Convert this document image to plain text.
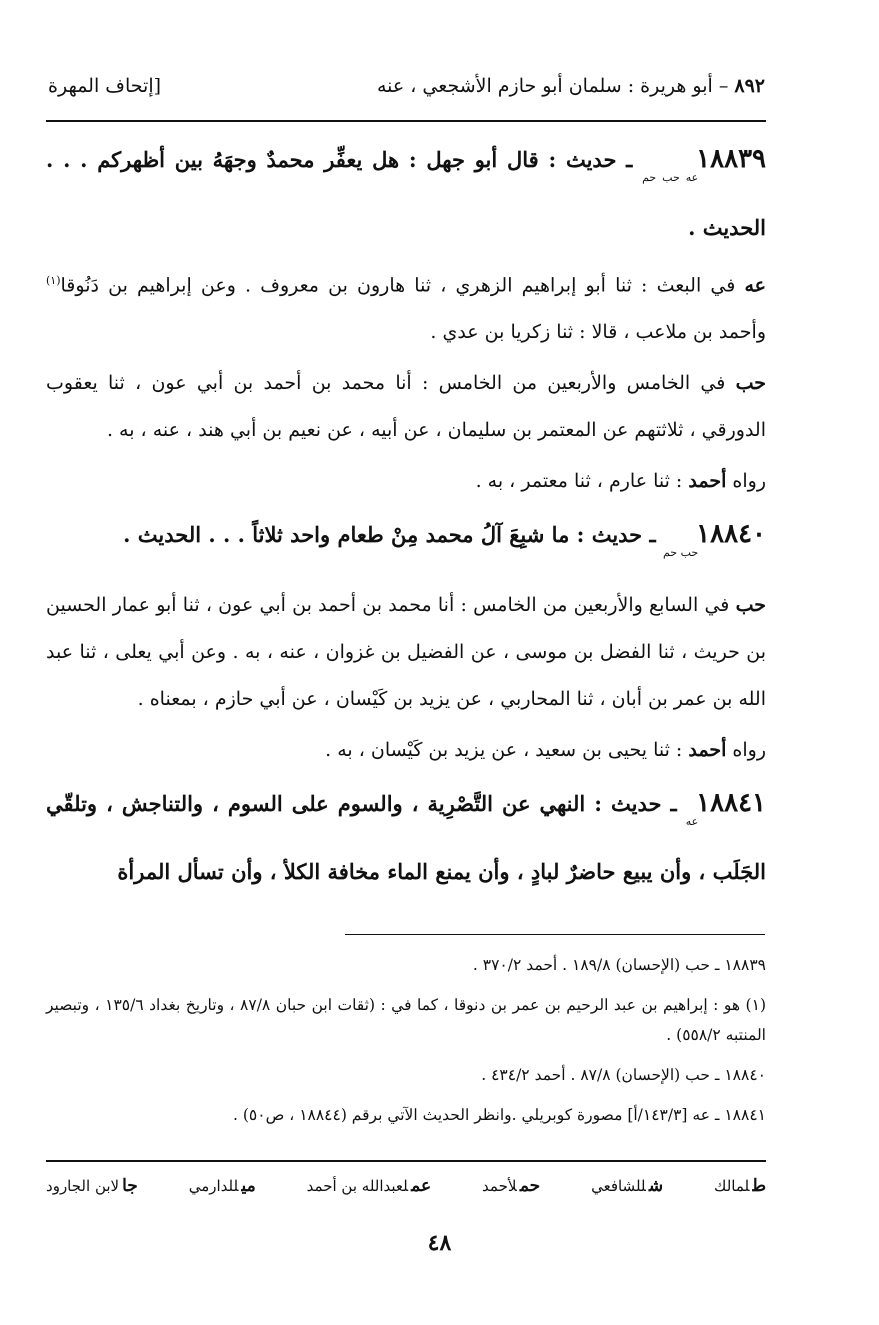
٨٩٢ – أبو هريرة : سلمان أبو حازم الأشجعي ، عنه
[إتحاف المهرة

$١٨٨٣٩_{عه حب حم}$ ـ حديث : قال أبو جهل : هل يعفِّر محمدٌ وجهَهُ بين أظهركم . . . الحديث .

عه في البعث : ثنا أبو إبراهيم الزهري ، ثنا هارون بن معروف . وعن إبراهيم بن دَنُوقا$^{(١)}$ وأحمد بن ملاعب ، قالا : ثنا زكريا بن عدي .

حب في الخامس والأربعين من الخامس : أنا محمد بن أحمد بن أبي عون ، ثنا يعقوب الدورقي ، ثلاثتهم عن المعتمر بن سليمان ، عن أبيه ، عن نعيم بن أبي هند ، عنه ، به .

رواه أحمد : ثنا عارم ، ثنا معتمر ، به .

$١٨٨٤٠_{حب حم}$ ـ حديث : ما شبِعَ آلُ محمد مِنْ طعام واحد ثلاثاً . . . الحديث .

حب في السابع والأربعين من الخامس : أنا محمد بن أحمد بن أبي عون ، ثنا أبو عمار الحسين بن حريث ، ثنا الفضل بن موسى ، عن الفضيل بن غزوان ، عنه ، به . وعن أبي يعلى ، ثنا عبد الله بن عمر بن أبان ، ثنا المحاربي ، عن يزيد بن كَيْسان ، عن أبي حازم ، بمعناه .

رواه أحمد : ثنا يحيى بن سعيد ، عن يزيد بن كَيْسان ، به .

$١٨٨٤١_{عه}$ ـ حديث : النهي عن التَّصْرِية ، والسوم على السوم ، والتناجش ، وتلقّي الجَلَب ، وأن يبيع حاضرٌ لبادٍ ، وأن يمنع الماء مخافة الكلأ ، وأن تسأل المرأة

١٨٨٣٩ ـ حب (الإحسان) ١٨٩/٨ . أحمد ٣٧٠/٢ .

(١) هو : إبراهيم بن عبد الرحيم بن عمر بن دنوقا ، كما في : (ثقات ابن حبان ٨٧/٨ ، وتاريخ بغداد ١٣٥/٦ ، وتبصير المنتبه ٥٥٨/٢) .

١٨٨٤٠ ـ حب (الإحسان) ٨٧/٨ . أحمد ٤٣٤/٢ .

١٨٨٤١ ـ عه [١٤٣/٣/أ] مصورة كوبريلي .وانظر الحديث الآتي برقم (١٨٨٤٤ ، ص٥٠) .

طلمالك
شللشافعي
حملأحمد
عملعبدالله بن أحمد
ميللدارمي
جالابن الجارود
٤٨
